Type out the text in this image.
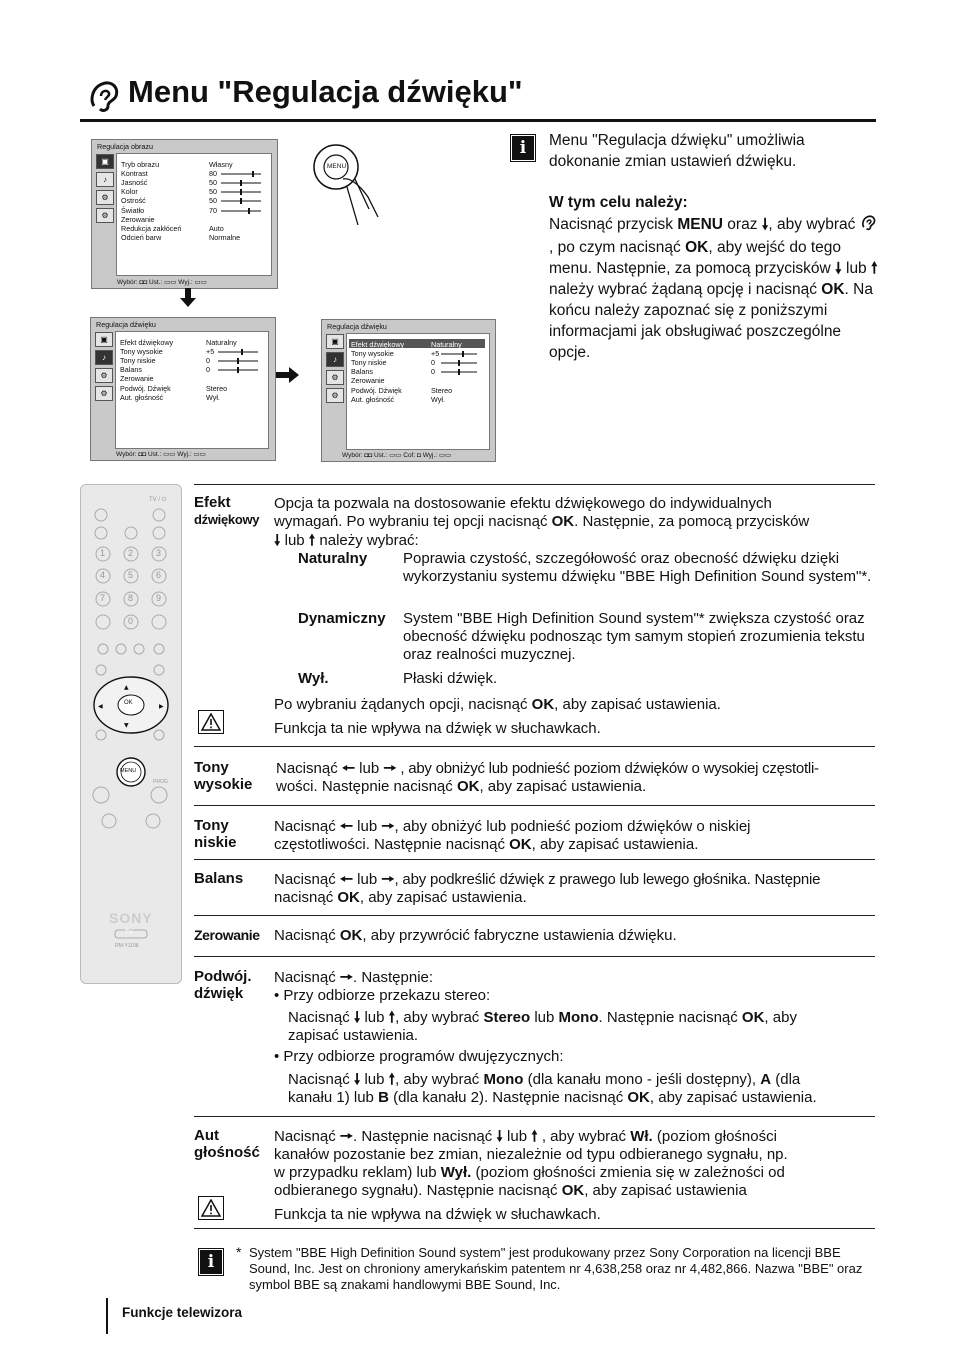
Menu "Regulacja dźwięku"
Regulacja obrazu
▣
♪
⚙
⚙
Tryb obrazu	Własny
Kontrast	80
Jasność	50
Kolor	50
Ostrość	50
Światło	70
Zerowanie
Redukcja zakłóceń	Auto
Odcień barw	Normalne
Wybór: ◘◘ Ust.: ▭▭ Wyj.: ▭▭
MENU
Regulacja dźwięku
▣
♪
⚙
⚙
Efekt dźwiękowy	Naturalny
Tony wysokie	+5
Tony niskie	0
Balans	0
Zerowanie
Podwój. Dźwięk	Stereo
Aut. głośność	Wył.
Wybór: ◘◘ Ust.: ▭▭ Wyj.: ▭▭
Regulacja dźwięku
▣
♪
⚙
⚙
Efekt dźwiękowy	Naturalny
Tony wysokie	+5
Tony niskie	0
Balans	0
Zerowanie
Podwój. Dźwięk	Stereo
Aut. głośność	Wył.
Wybór: ◘◘ Ust.: ▭▭ Cof: ◘ Wyj.: ▭▭
i	Menu "Regulacja dźwięku" umożliwia dokonanie zmian ustawień dźwięku.

W tym celu należy:
Nacisnąć przycisk MENU oraz 🠗, aby wybrać , po czym nacisnąć OK, aby wejść do tego menu. Następnie, za pomocą przycisków 🠗 lub 🠕 należy wybrać żądaną opcję i nacisnąć OK. Na końcu należy zapoznać się z poniższymi informacjami jak obsługiwać poszczególne opcje.
▲
▼
◀	▶
OK
MENU
TV / ⏻
PROG
SONY
TV
RM-Y1108
1	2	3
4	5	6
7	8	9
0
Efekt
dźwiękowy
Opcja ta pozwala na dostosowanie efektu dźwiękowego do indywidualnych
wymagań. Po wybraniu tej opcji nacisnąć OK. Następnie, za pomocą przycisków
🠗 lub 🠕 należy wybrać:
Naturalny Poprawia czystość, szczegółowość oraz obecność dźwięku dzięki wykorzystaniu systemu dźwięku "BBE High Definition Sound system"*.
Dynamiczny System "BBE High Definition Sound system"* zwiększa czystość oraz obecność dźwięku podnosząc tym samym stopień zrozumienia tekstu oraz realności muzycznej.
Wył.	Płaski dźwięk.
Po wybraniu żądanych opcji, nacisnąć OK, aby zapisać ustawienia.
Funkcja ta nie wpływa na dźwięk w słuchawkach.
Tony
wysokie
Nacisnąć 🠔 lub 🠖 , aby obniżyć lub podnieść poziom dźwięków o wysokiej częstotli-
wości. Następnie nacisnąć OK, aby zapisać ustawienia.
Tony
niskie
Nacisnąć 🠔 lub 🠖, aby obniżyć lub podnieść poziom dźwięków o niskiej
częstotliwości. Następnie nacisnąć OK, aby zapisać ustawienia.
Balans Nacisnąć 🠔 lub 🠖, aby podkreślić dźwięk z prawego lub lewego głośnika. Następnie
nacisnąć OK, aby zapisać ustawienia.
Zerowanie Nacisnąć OK, aby przywrócić fabryczne ustawienia dźwięku.
Podwój.
dźwięk
Nacisnąć 🠖. Następnie:
• Przy odbiorze przekazu stereo:
Nacisnąć 🠗 lub 🠕, aby wybrać Stereo lub Mono. Następnie nacisnąć OK, aby
zapisać ustawienia.
• Przy odbiorze programów dwujęzycznych:
Nacisnąć 🠗 lub 🠕, aby wybrać Mono (dla kanału mono - jeśli dostępny), A (dla
kanału 1) lub B (dla kanału 2). Następnie nacisnąć OK, aby zapisać ustawienia.
Aut
głośność
Nacisnąć 🠖. Następnie nacisnąć 🠗 lub 🠕 , aby wybrać Wł. (poziom głośności
kanałów pozostanie bez zmian, niezależnie od typu odbieranego sygnału, np.
w przypadku reklam) lub Wył. (poziom głośności zmienia się w zależności od
odbieranego sygnału). Następnie nacisnąć OK, aby zapisać ustawienia
Funkcja ta nie wpływa na dźwięk w słuchawkach.
i	* System "BBE High Definition Sound system" jest produkowany przez Sony Corporation na licencji BBE Sound, Inc. Jest on chroniony amerykańskim patentem nr 4,638,258 oraz nr 4,482,866. Nazwa "BBE" oraz symbol BBE są znakami handlowymi BBE Sound, Inc.
Funkcje telewizora
